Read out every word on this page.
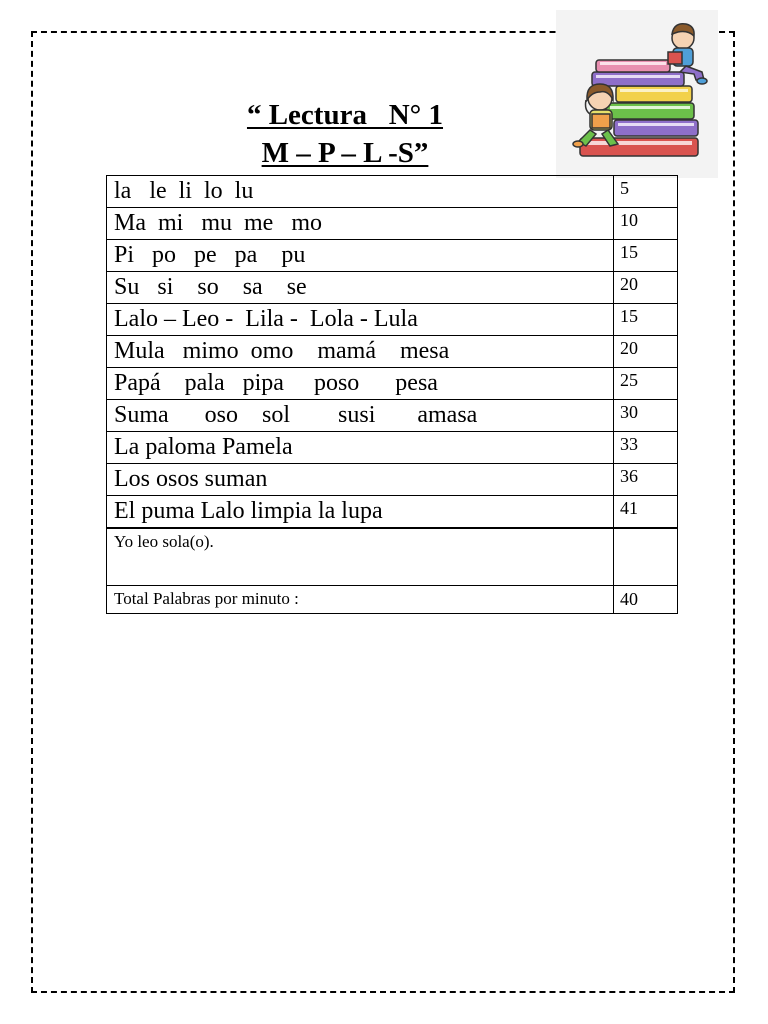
“ Lectura   N° 1
M – P – L -S”
la   le  li  lo  lu	5
Ma  mi   mu  me   mo	10
Pi   po   pe   pa    pu	15
Su   si    so    sa    se	20
Lalo – Leo -  Lila -  Lola - Lula	15
Mula   mimo  omo    mamá    mesa	20
Papá    pala   pipa     poso      pesa	25
Suma      oso    sol        susi       amasa	30
La paloma Pamela	33
Los osos suman	36
El puma Lalo limpia la lupa	41
Yo leo sola(o).	
Total Palabras por minuto :	40
